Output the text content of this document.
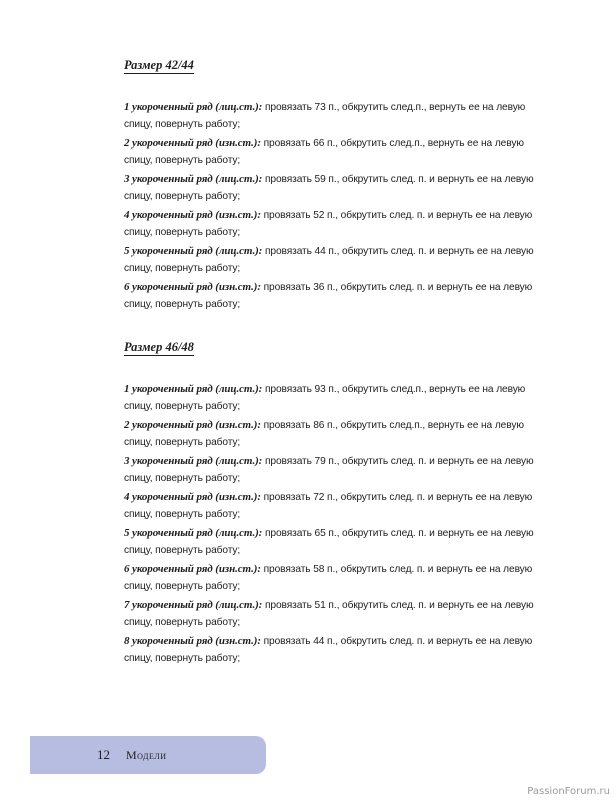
Размер 42/44

1 укороченный ряд (лиц.ст.): провязать 73 п., обкрутить след.п., вернуть ее на левую спицу, повернуть работу;

2 укороченный ряд (изн.ст.): провязать 66 п., обкрутить след.п., вернуть ее на левую спицу, повернуть работу;

3 укороченный ряд (лиц.ст.): провязать 59 п., обкрутить след. п. и вернуть ее на левую спицу, повернуть работу;

4 укороченный ряд (изн.ст.): провязать 52 п., обкрутить след. п. и вернуть ее на левую спицу, повернуть работу;

5 укороченный ряд (лиц.ст.): провязать 44 п., обкрутить след. п. и вернуть ее на левую спицу, повернуть работу;

6 укороченный ряд (изн.ст.): провязать 36 п., обкрутить след. п. и вернуть ее на левую спицу, повернуть работу;

Размер 46/48

1 укороченный ряд (лиц.ст.): провязать 93 п., обкрутить след.п., вернуть ее на левую спицу, повернуть работу;

2 укороченный ряд (изн.ст.): провязать 86 п., обкрутить след.п., вернуть ее на левую спицу, повернуть работу;

3 укороченный ряд (лиц.ст.): провязать 79 п., обкрутить след. п. и вернуть ее на левую спицу, повернуть работу;

4 укороченный ряд (изн.ст.): провязать 72 п., обкрутить след. п. и вернуть ее на левую спицу, повернуть работу;

5 укороченный ряд (лиц.ст.): провязать 65 п., обкрутить след. п. и вернуть ее на левую спицу, повернуть работу;

6 укороченный ряд (изн.ст.): провязать 58 п., обкрутить след. п. и вернуть ее на левую спицу, повернуть работу;

7 укороченный ряд (лиц.ст.): провязать 51 п., обкрутить след. п. и вернуть ее на левую спицу, повернуть работу;

8 укороченный ряд (изн.ст.): провязать 44 п., обкрутить след. п. и вернуть ее на левую спицу, повернуть работу;

12 Модели
PassionForum.ru
